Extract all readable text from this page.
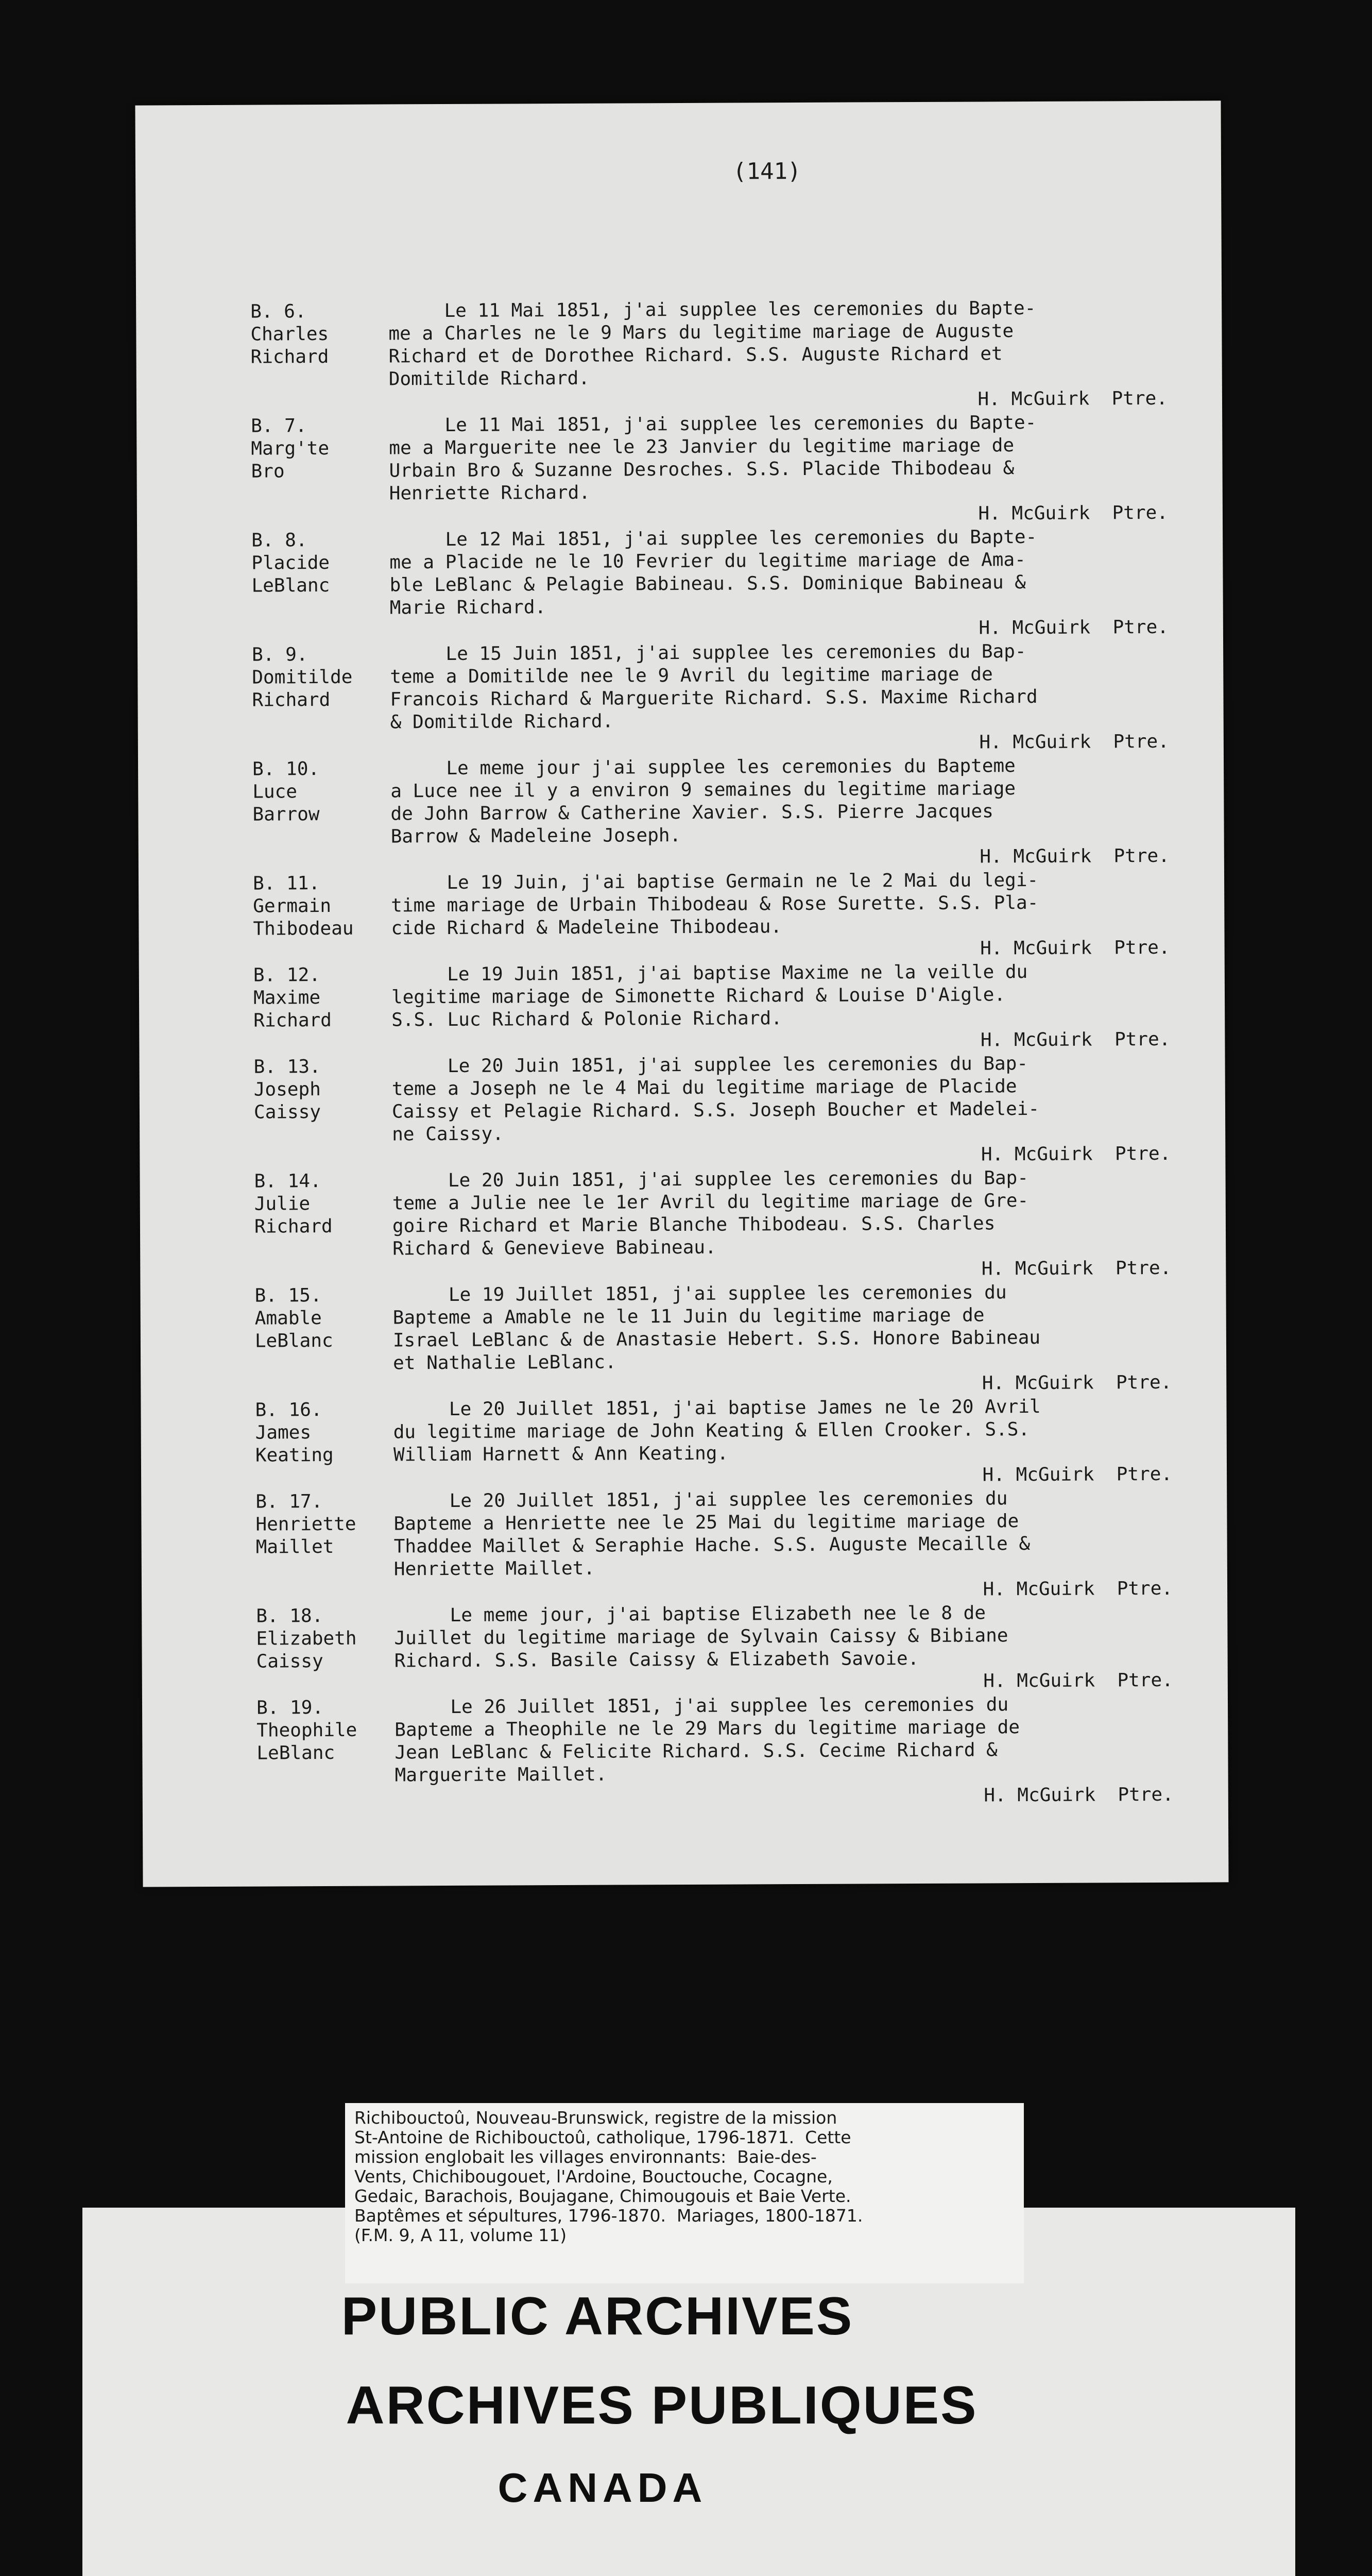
(141)
B. 6.
Charles
Richard
Le 11 Mai 1851, j'ai supplee les ceremonies du Bapte-
me a Charles ne le 9 Mars du legitime mariage de Auguste
Richard et de Dorothee Richard. S.S. Auguste Richard et
Domitilde Richard.
H. McGuirk  Ptre.
B. 7.
Marg'te
Bro
Le 11 Mai 1851, j'ai supplee les ceremonies du Bapte-
me a Marguerite nee le 23 Janvier du legitime mariage de
Urbain Bro & Suzanne Desroches. S.S. Placide Thibodeau &
Henriette Richard.
H. McGuirk  Ptre.
B. 8.
Placide
LeBlanc
Le 12 Mai 1851, j'ai supplee les ceremonies du Bapte-
me a Placide ne le 10 Fevrier du legitime mariage de Ama-
ble LeBlanc & Pelagie Babineau. S.S. Dominique Babineau &
Marie Richard.
H. McGuirk  Ptre.
B. 9.
Domitilde
Richard
Le 15 Juin 1851, j'ai supplee les ceremonies du Bap-
teme a Domitilde nee le 9 Avril du legitime mariage de
Francois Richard & Marguerite Richard. S.S. Maxime Richard
& Domitilde Richard.
H. McGuirk  Ptre.
B. 10.
Luce
Barrow
Le meme jour j'ai supplee les ceremonies du Bapteme
a Luce nee il y a environ 9 semaines du legitime mariage
de John Barrow & Catherine Xavier. S.S. Pierre Jacques
Barrow & Madeleine Joseph.
H. McGuirk  Ptre.
B. 11.
Germain
Thibodeau
Le 19 Juin, j'ai baptise Germain ne le 2 Mai du legi-
time mariage de Urbain Thibodeau & Rose Surette. S.S. Pla-
cide Richard & Madeleine Thibodeau.
H. McGuirk  Ptre.
B. 12.
Maxime
Richard
Le 19 Juin 1851, j'ai baptise Maxime ne la veille du
legitime mariage de Simonette Richard & Louise D'Aigle.
S.S. Luc Richard & Polonie Richard.
H. McGuirk  Ptre.
B. 13.
Joseph
Caissy
Le 20 Juin 1851, j'ai supplee les ceremonies du Bap-
teme a Joseph ne le 4 Mai du legitime mariage de Placide
Caissy et Pelagie Richard. S.S. Joseph Boucher et Madelei-
ne Caissy.
H. McGuirk  Ptre.
B. 14.
Julie
Richard
Le 20 Juin 1851, j'ai supplee les ceremonies du Bap-
teme a Julie nee le 1er Avril du legitime mariage de Gre-
goire Richard et Marie Blanche Thibodeau. S.S. Charles
Richard & Genevieve Babineau.
H. McGuirk  Ptre.
B. 15.
Amable
LeBlanc
Le 19 Juillet 1851, j'ai supplee les ceremonies du
Bapteme a Amable ne le 11 Juin du legitime mariage de
Israel LeBlanc & de Anastasie Hebert. S.S. Honore Babineau
et Nathalie LeBlanc.
H. McGuirk  Ptre.
B. 16.
James
Keating
Le 20 Juillet 1851, j'ai baptise James ne le 20 Avril
du legitime mariage de John Keating & Ellen Crooker. S.S.
William Harnett & Ann Keating.
H. McGuirk  Ptre.
B. 17.
Henriette
Maillet
Le 20 Juillet 1851, j'ai supplee les ceremonies du
Bapteme a Henriette nee le 25 Mai du legitime mariage de
Thaddee Maillet & Seraphie Hache. S.S. Auguste Mecaille &
Henriette Maillet.
H. McGuirk  Ptre.
B. 18.
Elizabeth
Caissy
Le meme jour, j'ai baptise Elizabeth nee le 8 de
Juillet du legitime mariage de Sylvain Caissy & Bibiane
Richard. S.S. Basile Caissy & Elizabeth Savoie.
H. McGuirk  Ptre.
B. 19.
Theophile
LeBlanc
Le 26 Juillet 1851, j'ai supplee les ceremonies du
Bapteme a Theophile ne le 29 Mars du legitime mariage de
Jean LeBlanc & Felicite Richard. S.S. Cecime Richard &
Marguerite Maillet.
H. McGuirk  Ptre.
PUBLIC ARCHIVES
ARCHIVES PUBLIQUES
CANADA
Richibouctoû, Nouveau-Brunswick, registre de la mission
St-Antoine de Richibouctoû, catholique, 1796-1871.  Cette
mission englobait les villages environnants:  Baie-des-
Vents, Chichibougouet, l'Ardoine, Bouctouche, Cocagne,
Gedaic, Barachois, Boujagane, Chimougouis et Baie Verte.
Baptêmes et sépultures, 1796-1870.  Mariages, 1800-1871.
(F.M. 9, A 11, volume 11)
